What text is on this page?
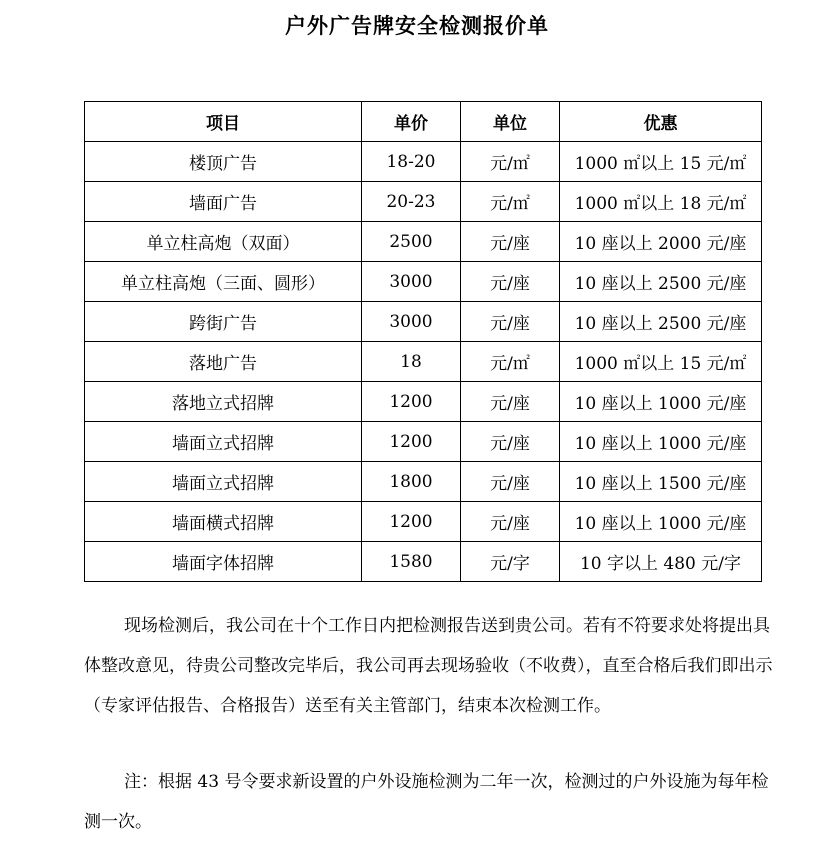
户外广告牌安全检测报价单
项目	单价	单位	优惠
楼顶广告	18-20	元/㎡	1000 ㎡以上 15 元/㎡
墙面广告	20-23	元/㎡	1000 ㎡以上 18 元/㎡
单立柱高炮（双面）	2500	元/座	10 座以上 2000 元/座
单立柱高炮（三面、圆形）	3000	元/座	10 座以上 2500 元/座
跨街广告	3000	元/座	10 座以上 2500 元/座
落地广告	18	元/㎡	1000 ㎡以上 15 元/㎡
落地立式招牌	1200	元/座	10 座以上 1000 元/座
墙面立式招牌	1200	元/座	10 座以上 1000 元/座
墙面立式招牌	1800	元/座	10 座以上 1500 元/座
墙面横式招牌	1200	元/座	10 座以上 1000 元/座
墙面字体招牌	1580	元/字	10 字以上 480 元/字

现场检测后，我公司在十个工作日内把检测报告送到贵公司。若有不符要求处将提出具体整改意见，待贵公司整改完毕后，我公司再去现场验收（不收费），直至合格后我们即出示（专家评估报告、合格报告）送至有关主管部门，结束本次检测工作。

注：根据 43 号令要求新设置的户外设施检测为二年一次，检测过的户外设施为每年检测一次。
